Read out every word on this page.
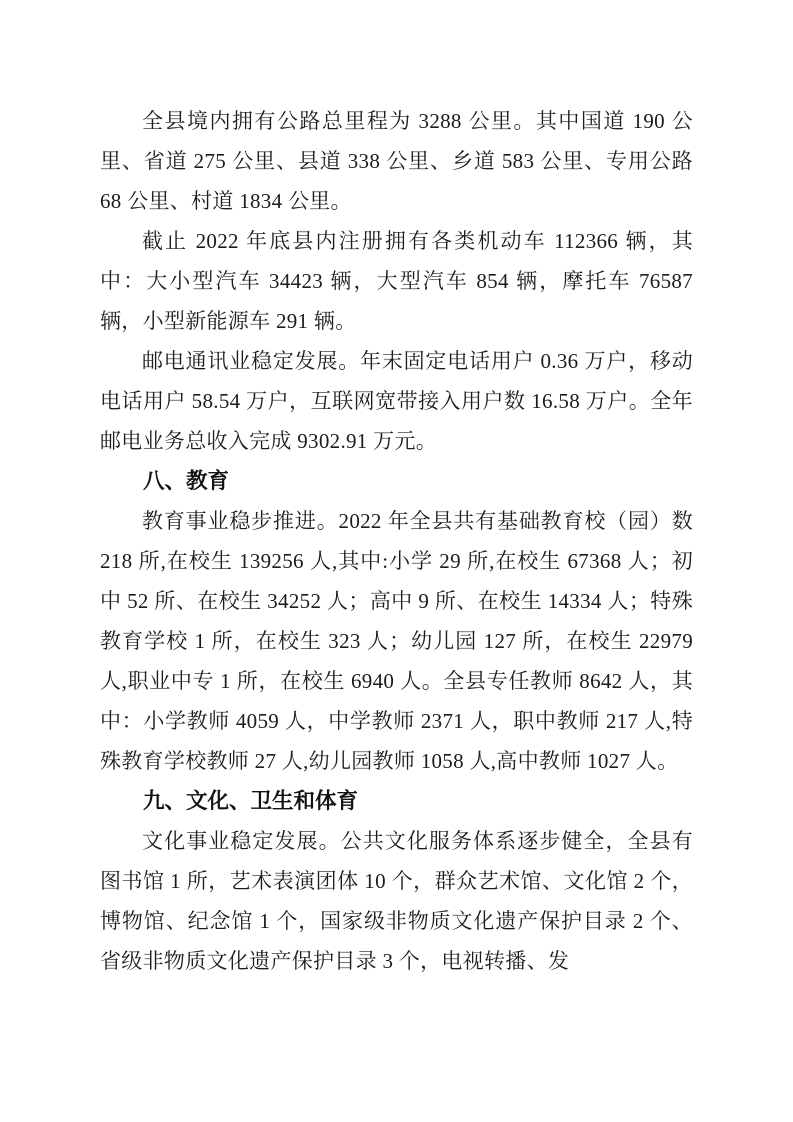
全县境内拥有公路总里程为 3288 公里。其中国道 190 公里、省道 275 公里、县道 338 公里、乡道 583 公里、专用公路 68 公里、村道 1834 公里。

截止 2022 年底县内注册拥有各类机动车 112366 辆，其中：大小型汽车 34423 辆，大型汽车 854 辆，摩托车 76587 辆，小型新能源车 291 辆。

邮电通讯业稳定发展。年末固定电话用户 0.36 万户，移动电话用户 58.54 万户，互联网宽带接入用户数 16.58 万户。全年邮电业务总收入完成 9302.91 万元。

八、教育

教育事业稳步推进。2022 年全县共有基础教育校（园）数 218 所,在校生 139256 人,其中:小学 29 所,在校生 67368 人；初中 52 所、在校生 34252 人；高中 9 所、在校生 14334 人；特殊教育学校 1 所，在校生 323 人；幼儿园 127 所，在校生 22979 人,职业中专 1 所，在校生 6940 人。全县专任教师 8642 人，其中：小学教师 4059 人，中学教师 2371 人，职中教师 217 人,特殊教育学校教师 27 人,幼儿园教师 1058 人,高中教师 1027 人。

九、文化、卫生和体育

文化事业稳定发展。公共文化服务体系逐步健全，全县有图书馆 1 所，艺术表演团体 10 个，群众艺术馆、文化馆 2 个，博物馆、纪念馆 1 个，国家级非物质文化遗产保护目录 2 个、省级非物质文化遗产保护目录 3 个，电视转播、发
